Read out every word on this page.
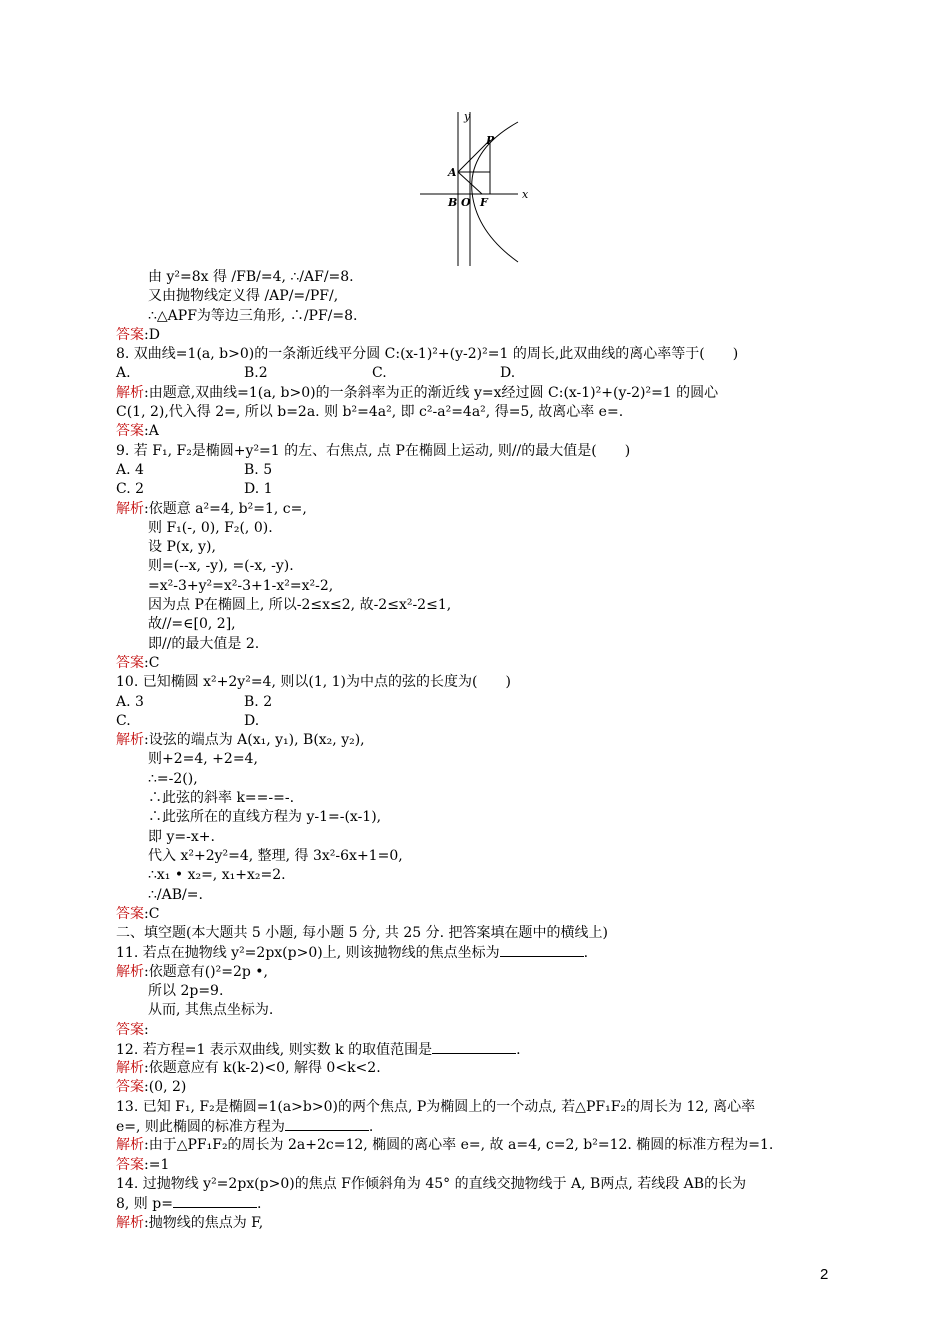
y
x
A
B O F
P
由 y²=8x 得 /FB/=4, ∴/AF/=8.
又由抛物线定义得 /AP/=/PF/,
∴△APF为等边三角形, ∴/PF/=8.
答案:D
8. 双曲线=1(a, b>0)的一条渐近线平分圆 C:(x-1)²+(y-2)²=1 的周长,此双曲线的离心率等于(　　)
A.	B.2	C.	D.
解析:由题意,双曲线=1(a, b>0)的一条斜率为正的渐近线 y=x经过圆 C:(x-1)²+(y-2)²=1 的圆心
C(1, 2),代入得 2=, 所以 b=2a. 则 b²=4a², 即 c²-a²=4a², 得=5, 故离心率 e=.
答案:A
9. 若 F₁, F₂是椭圆+y²=1 的左、右焦点, 点 P在椭圆上运动, 则//的最大值是(　　)
A. 4	B. 5
C. 2	D. 1
解析:依题意 a²=4, b²=1, c=,
则 F₁(-, 0), F₂(, 0).
设 P(x, y),
则=(--x, -y), =(-x, -y).
=x²-3+y²=x²-3+1-x²=x²-2,
因为点 P在椭圆上, 所以-2≤x≤2, 故-2≤x²-2≤1,
故//=∈[0, 2],
即//的最大值是 2.
答案:C
10. 已知椭圆 x²+2y²=4, 则以(1, 1)为中点的弦的长度为(　　)
A. 3	B. 2
C.	D.
解析:设弦的端点为 A(x₁, y₁), B(x₂, y₂),
则+2=4, +2=4,
∴=-2(),
∴此弦的斜率 k==-=-.
∴此弦所在的直线方程为 y-1=-(x-1),
即 y=-x+.
代入 x²+2y²=4, 整理, 得 3x²-6x+1=0,
∴x₁ • x₂=, x₁+x₂=2.
∴/AB/=.
答案:C
二、填空题(本大题共 5 小题, 每小题 5 分, 共 25 分. 把答案填在题中的横线上)
11. 若点在抛物线 y²=2px(p>0)上, 则该抛物线的焦点坐标为	.
解析:依题意有()²=2p •,
所以 2p=9.
从而, 其焦点坐标为.
答案:
12. 若方程=1 表示双曲线, 则实数 k 的取值范围是	.
解析:依题意应有 k(k-2)<0, 解得 0<k<2.
答案:(0, 2)
13. 已知 F₁, F₂是椭圆=1(a>b>0)的两个焦点, P为椭圆上的一个动点, 若△PF₁F₂的周长为 12, 离心率
e=, 则此椭圆的标准方程为	.
解析:由于△PF₁F₂的周长为 2a+2c=12, 椭圆的离心率 e=, 故 a=4, c=2, b²=12. 椭圆的标准方程为=1.
答案:=1
14. 过抛物线 y²=2px(p>0)的焦点 F作倾斜角为 45° 的直线交抛物线于 A, B两点, 若线段 AB的长为
8, 则 p=	.
解析:抛物线的焦点为 F,
2
